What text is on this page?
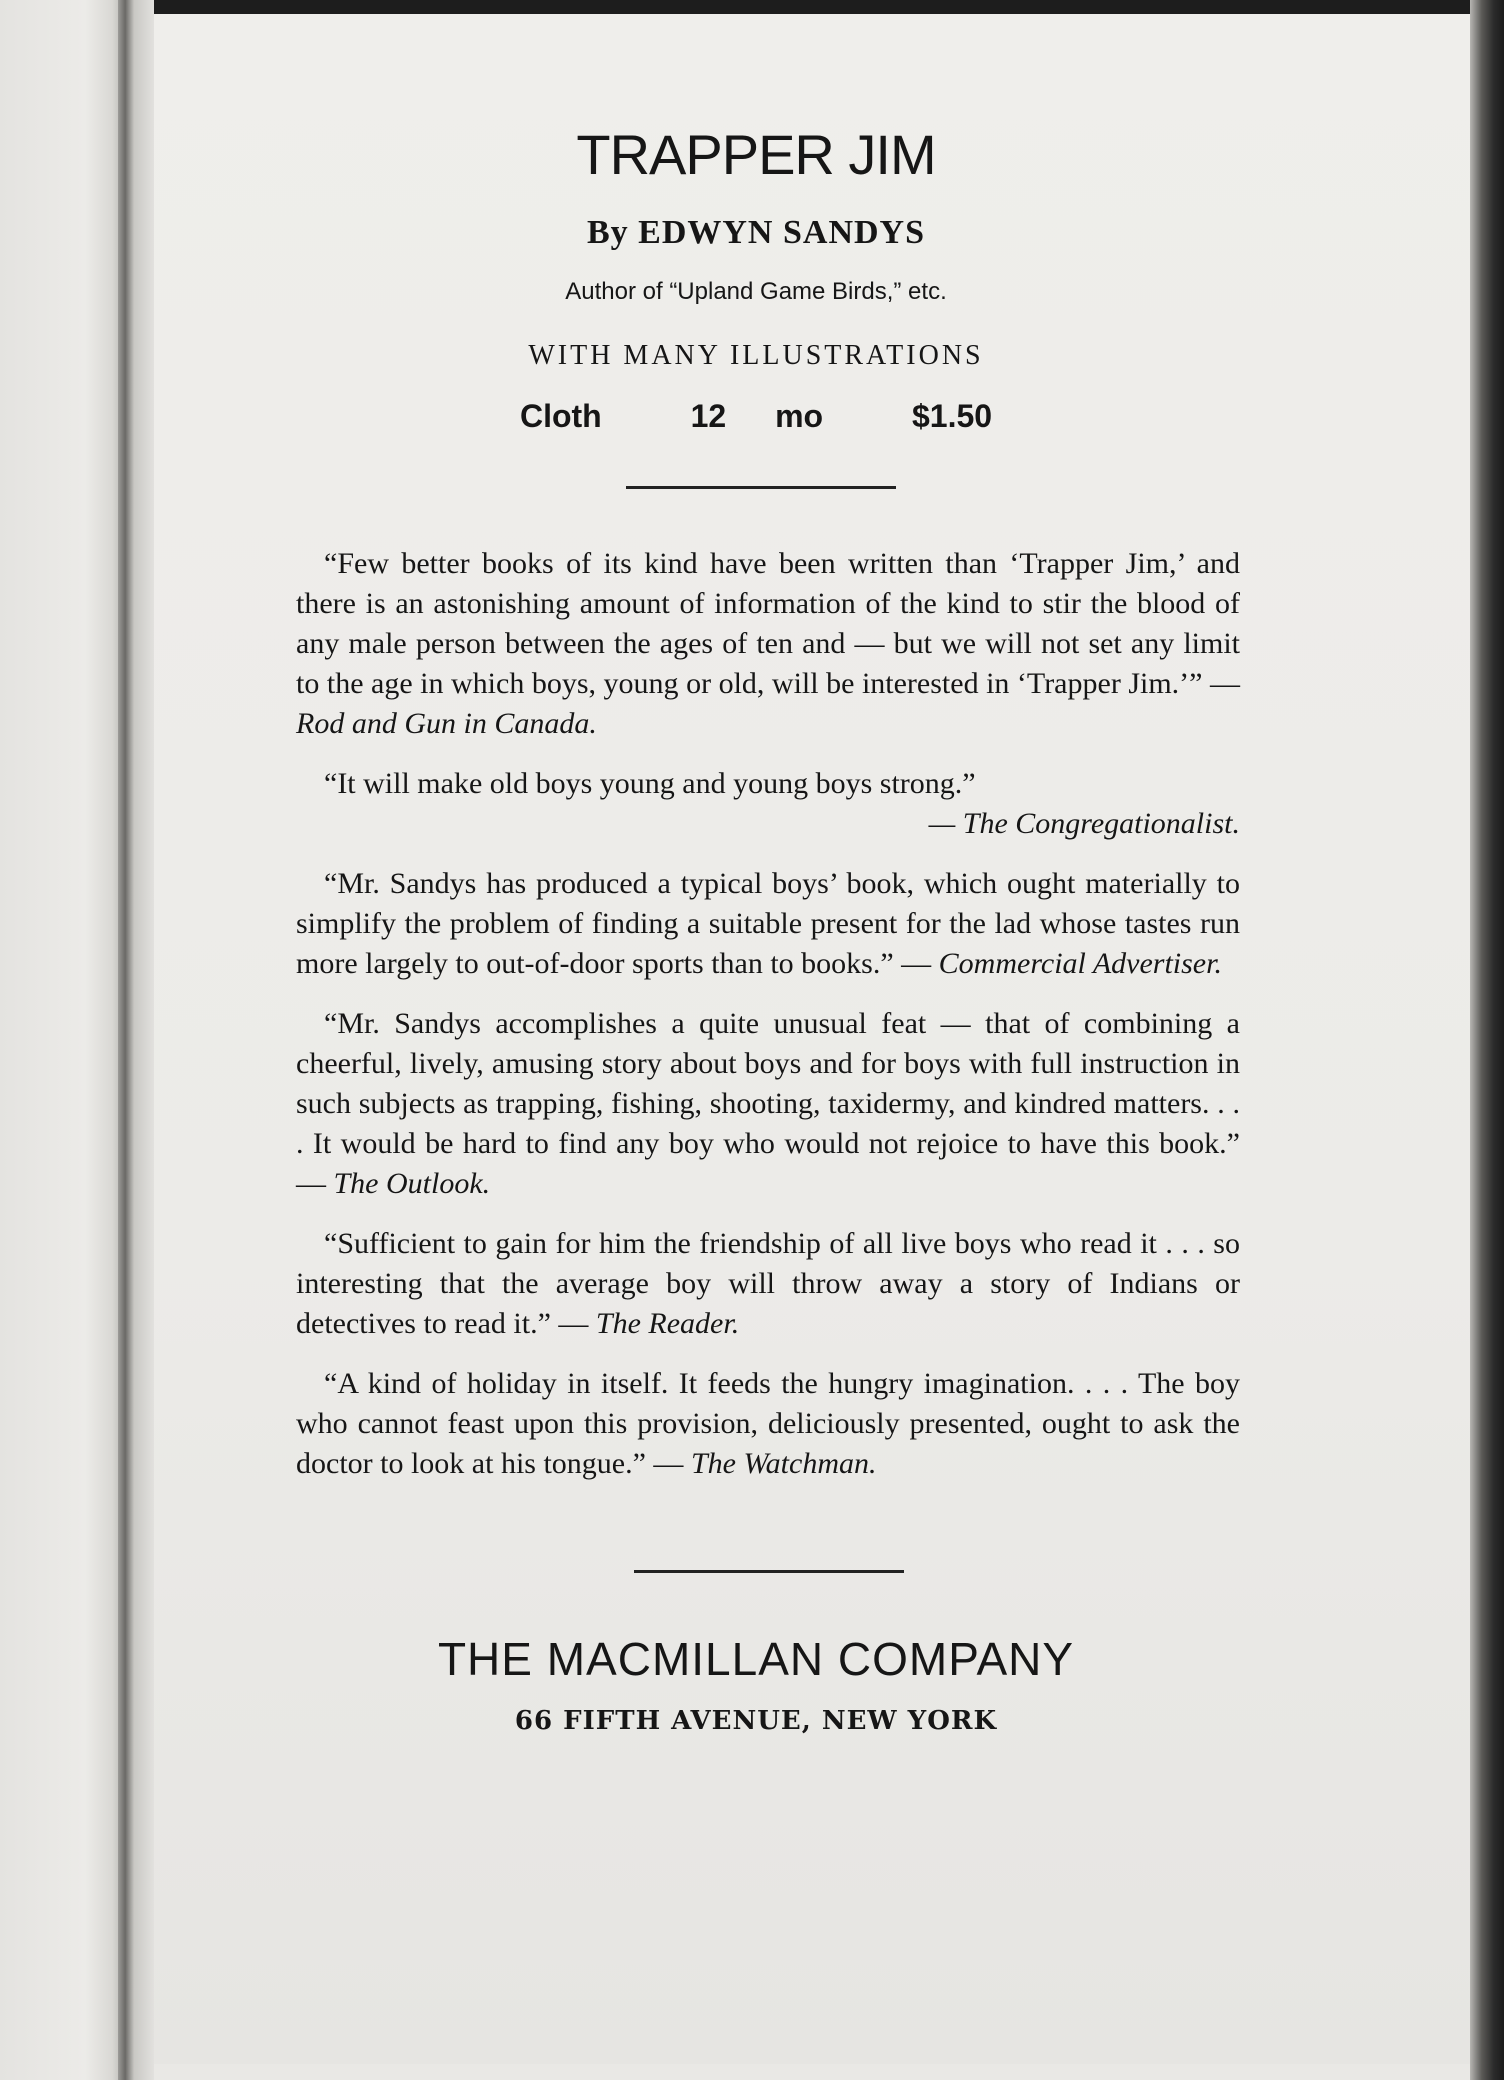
TRAPPER JIM
By EDWYN SANDYS
Author of “Upland Game Birds,” etc.
WITH MANY ILLUSTRATIONS
Cloth	12 mo	$1.50

“Few better books of its kind have been written than ‘Trapper Jim,’ and there is an astonishing amount of information of the kind to stir the blood of any male person between the ages of ten and — but we will not set any limit to the age in which boys, young or old, will be interested in ‘Trapper Jim.’” — Rod and Gun in Canada.

“It will make old boys young and young boys strong.”
— The Congregationalist.

“Mr. Sandys has produced a typical boys’ book, which ought materially to simplify the problem of finding a suitable present for the lad whose tastes run more largely to out-of-door sports than to books.” — Commercial Advertiser.

“Mr. Sandys accomplishes a quite unusual feat — that of combining a cheerful, lively, amusing story about boys and for boys with full instruction in such subjects as trapping, fishing, shooting, taxidermy, and kindred matters. . . . It would be hard to find any boy who would not rejoice to have this book.” — The Outlook.

“Sufficient to gain for him the friendship of all live boys who read it . . . so interesting that the average boy will throw away a story of Indians or detectives to read it.” — The Reader.

“A kind of holiday in itself. It feeds the hungry imagination. . . . The boy who cannot feast upon this provision, deliciously presented, ought to ask the doctor to look at his tongue.” — The Watchman.

THE MACMILLAN COMPANY
66 FIFTH AVENUE, NEW YORK
